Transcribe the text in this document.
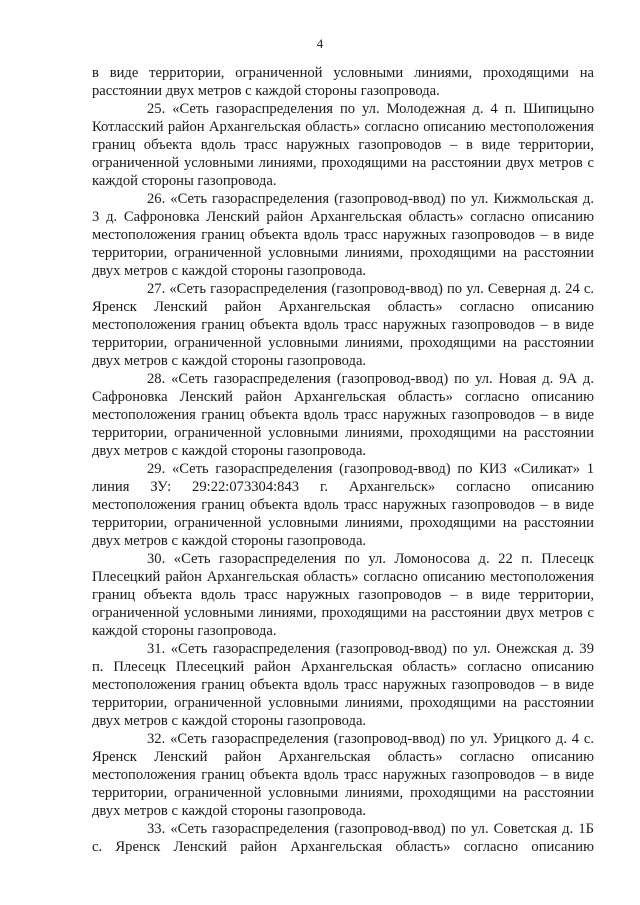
4

в виде территории, ограниченной условными линиями, проходящими на расстоянии двух метров с каждой стороны газопровода.

25. «Сеть газораспределения по ул. Молодежная д. 4 п. Шипицыно Котласский район Архангельская область» согласно описанию местоположения границ объекта вдоль трасс наружных газопроводов – в виде территории, ограниченной условными линиями, проходящими на расстоянии двух метров с каждой стороны газопровода.

26. «Сеть газораспределения (газопровод-ввод) по ул. Кижмольская д. 3 д. Сафроновка Ленский район Архангельская область» согласно описанию местоположения границ объекта вдоль трасс наружных газопроводов – в виде территории, ограниченной условными линиями, проходящими на расстоянии двух метров с каждой стороны газопровода.

27. «Сеть газораспределения (газопровод-ввод) по ул. Северная д. 24 с. Яренск Ленский район Архангельская область» согласно описанию местоположения границ объекта вдоль трасс наружных газопроводов – в виде территории, ограниченной условными линиями, проходящими на расстоянии двух метров с каждой стороны газопровода.

28. «Сеть газораспределения (газопровод-ввод) по ул. Новая д. 9А д. Сафроновка Ленский район Архангельская область» согласно описанию местоположения границ объекта вдоль трасс наружных газопроводов – в виде территории, ограниченной условными линиями, проходящими на расстоянии двух метров с каждой стороны газопровода.

29. «Сеть газораспределения (газопровод-ввод) по КИЗ «Силикат» 1 линия ЗУ: 29:22:073304:843 г. Архангельск» согласно описанию местоположения границ объекта вдоль трасс наружных газопроводов – в виде территории, ограниченной условными линиями, проходящими на расстоянии двух метров с каждой стороны газопровода.

30. «Сеть газораспределения по ул. Ломоносова д. 22 п. Плесецк Плесецкий район Архангельская область» согласно описанию местоположения границ объекта вдоль трасс наружных газопроводов – в виде территории, ограниченной условными линиями, проходящими на расстоянии двух метров с каждой стороны газопровода.

31. «Сеть газораспределения (газопровод-ввод) по ул. Онежская д. 39 п. Плесецк Плесецкий район Архангельская область» согласно описанию местоположения границ объекта вдоль трасс наружных газопроводов – в виде территории, ограниченной условными линиями, проходящими на расстоянии двух метров с каждой стороны газопровода.

32. «Сеть газораспределения (газопровод-ввод) по ул. Урицкого д. 4 с. Яренск Ленский район Архангельская область» согласно описанию местоположения границ объекта вдоль трасс наружных газопроводов – в виде территории, ограниченной условными линиями, проходящими на расстоянии двух метров с каждой стороны газопровода.

33. «Сеть газораспределения (газопровод-ввод) по ул. Советская д. 1Б с. Яренск Ленский район Архангельская область» согласно описанию
